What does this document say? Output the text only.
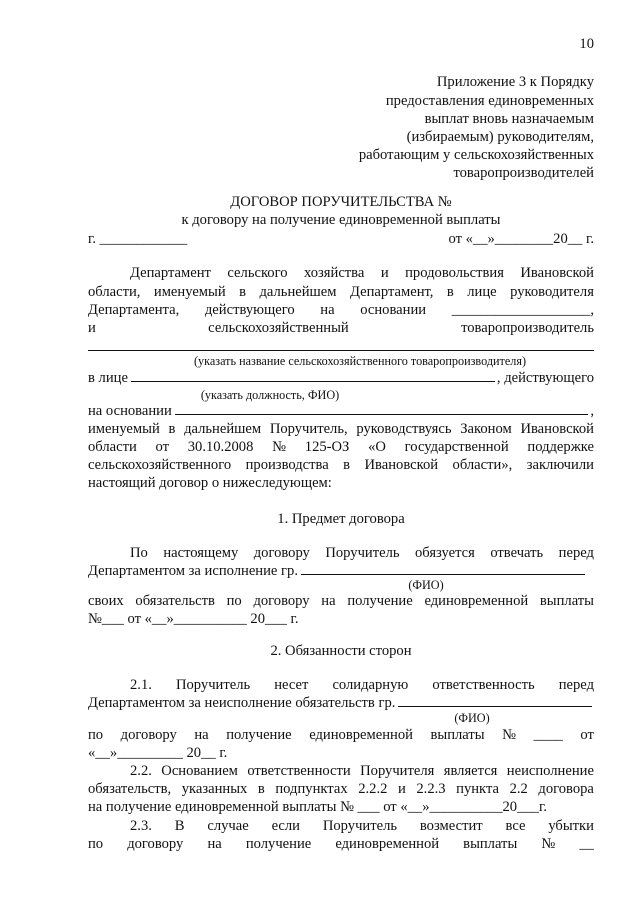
10
Приложение 3 к Порядку
предоставления единовременных
выплат вновь назначаемым
(избираемым) руководителям,
работающим у сельскохозяйственных
товаропроизводителей
ДОГОВОР ПОРУЧИТЕЛЬСТВА №
к договору на получение единовременной выплаты
г. ____________	от «__»________20__ г.
Департамент сельского хозяйства и продовольствия Ивановской
области, именуемый в дальнейшем Департамент, в лице руководителя
Департамента, действующего на основании ___________________,
и	сельскохозяйственный	товаропроизводитель
(указать название сельскохозяйственного товаропроизводителя)
в лице	, действующего
(указать должность, ФИО)
на основании	,
именуемый в дальнейшем Поручитель, руководствуясь Законом Ивановской
области от 30.10.2008 № 125-ОЗ «О государственной поддержке
сельскохозяйственного производства в Ивановской области», заключили
настоящий договор о нижеследующем:
1. Предмет договора
По настоящему договору Поручитель обязуется отвечать перед
Департаментом за исполнение гр.
(ФИО)
своих обязательств по договору на получение единовременной выплаты
№___ от «__»__________ 20___ г.
2. Обязанности сторон
2.1. Поручитель несет солидарную ответственность перед
Департаментом за неисполнение обязательств гр.
(ФИО)
по договору на получение единовременной выплаты № ____ от
«__»_________ 20__ г.
2.2. Основанием ответственности Поручителя является неисполнение
обязательств, указанных в подпунктах 2.2.2 и 2.2.3 пункта 2.2 договора
на получение единовременной выплаты № ___ от «__»__________20___г.
2.3. В случае если Поручитель возместит все убытки
по договору на получение единовременной выплаты № __
